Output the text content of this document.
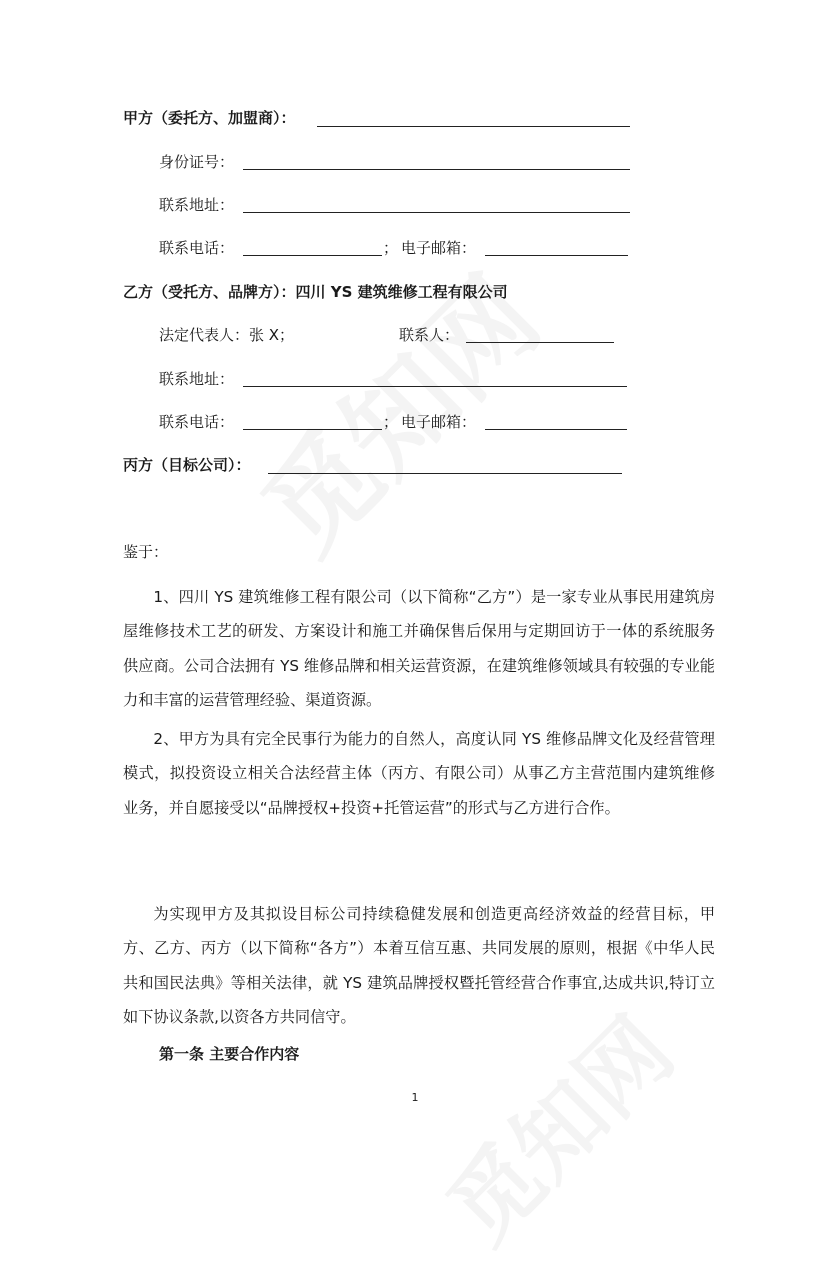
甲方（委托方、加盟商）：
身份证号：
联系地址：
联系电话：	； 电子邮箱：
乙方（受托方、品牌方）：四川 YS 建筑维修工程有限公司
法定代表人：张 X；	联系人：
联系地址：
联系电话：	； 电子邮箱：
丙方（目标公司）：
鉴于：
1、四川 YS 建筑维修工程有限公司（以下简称“乙方”）是一家专业从事民用建筑房屋维修技术工艺的研发、方案设计和施工并确保售后保用与定期回访于一体的系统服务供应商。公司合法拥有 YS 维修品牌和相关运营资源，在建筑维修领域具有较强的专业能力和丰富的运营管理经验、渠道资源。
2、甲方为具有完全民事行为能力的自然人，高度认同 YS 维修品牌文化及经营管理模式，拟投资设立相关合法经营主体（丙方、有限公司）从事乙方主营范围内建筑维修业务，并自愿接受以“品牌授权+投资+托管运营”的形式与乙方进行合作。
为实现甲方及其拟设目标公司持续稳健发展和创造更高经济效益的经营目标，甲方、乙方、丙方（以下简称“各方”）本着互信互惠、共同发展的原则，根据《中华人民共和国民法典》等相关法律，就 YS 建筑品牌授权暨托管经营合作事宜,达成共识,特订立如下协议条款,以资各方共同信守。
第一条 主要合作内容
1
